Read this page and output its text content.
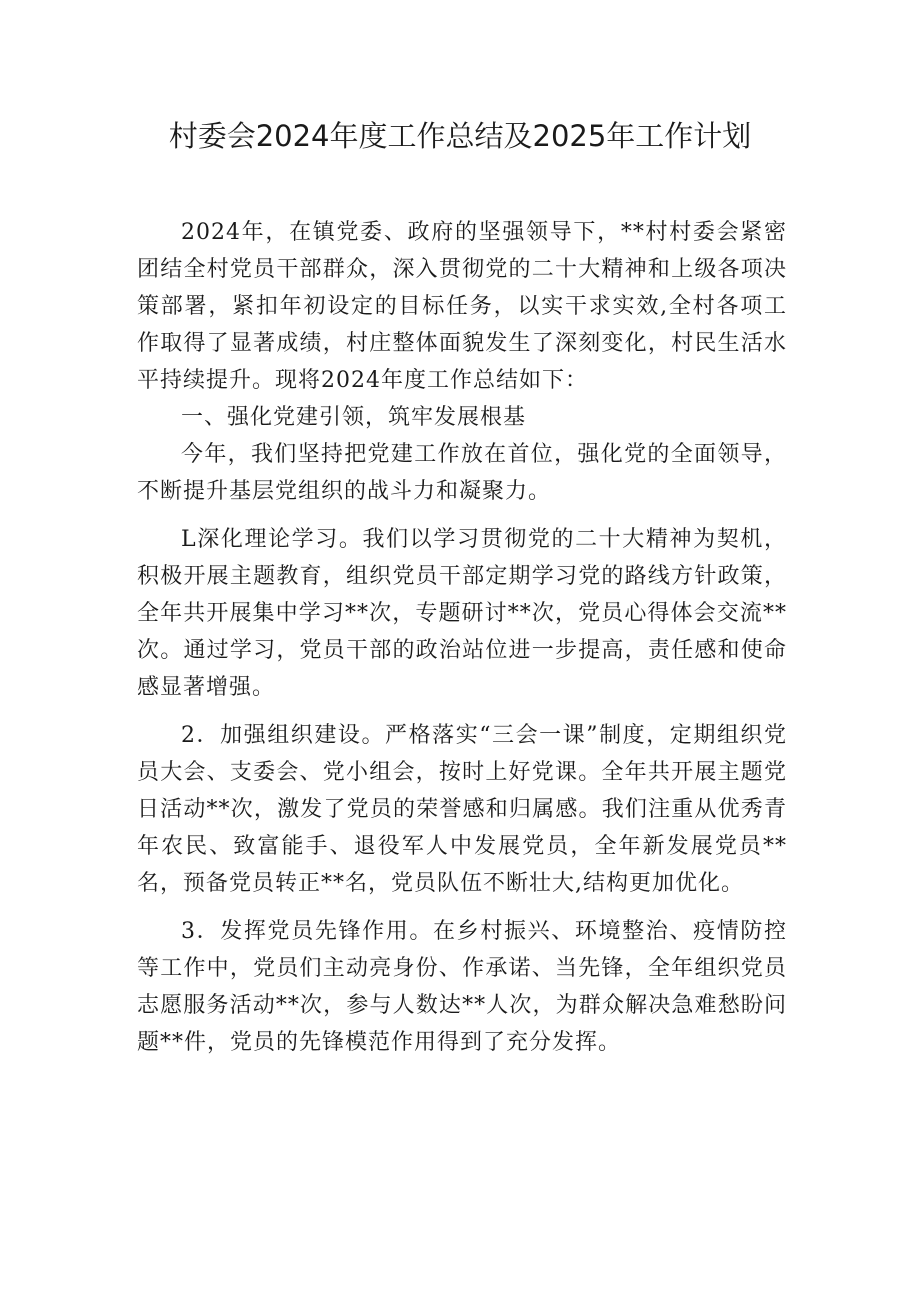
村委会2024年度工作总结及2025年工作计划

2024年，在镇党委、政府的坚强领导下，**村村委会紧密团结全村党员干部群众，深入贯彻党的二十大精神和上级各项决策部署，紧扣年初设定的目标任务，以实干求实效,全村各项工作取得了显著成绩，村庄整体面貌发生了深刻变化，村民生活水平持续提升。现将2024年度工作总结如下：

一、强化党建引领，筑牢发展根基

今年，我们坚持把党建工作放在首位，强化党的全面领导，不断提升基层党组织的战斗力和凝聚力。

L深化理论学习。我们以学习贯彻党的二十大精神为契机，积极开展主题教育，组织党员干部定期学习党的路线方针政策，全年共开展集中学习**次，专题研讨**次，党员心得体会交流**次。通过学习，党员干部的政治站位进一步提高，责任感和使命感显著增强。

2．加强组织建设。严格落实“三会一课”制度，定期组织党员大会、支委会、党小组会，按时上好党课。全年共开展主题党日活动**次，激发了党员的荣誉感和归属感。我们注重从优秀青年农民、致富能手、退役军人中发展党员，全年新发展党员**名，预备党员转正**名，党员队伍不断壮大,结构更加优化。

3．发挥党员先锋作用。在乡村振兴、环境整治、疫情防控等工作中，党员们主动亮身份、作承诺、当先锋，全年组织党员志愿服务活动**次，参与人数达**人次，为群众解决急难愁盼问题**件，党员的先锋模范作用得到了充分发挥。
